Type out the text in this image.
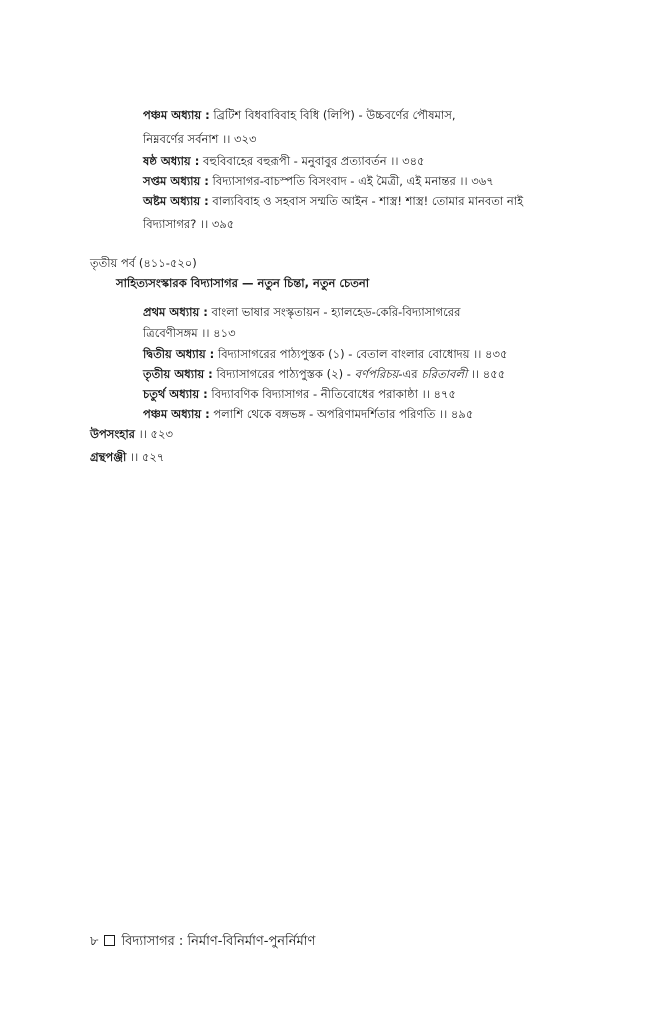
পঞ্চম অধ্যায় : ব্রিটিশ বিধবাবিবাহ বিধি (লিপি) - উচ্চবর্ণের পৌষমাস,
নিম্নবর্ণের সর্বনাশ ।। ৩২৩
ষষ্ঠ অধ্যায় : বহুবিবাহের বহুরূপী - মনুবাবুর প্রত্যাবর্তন ।। ৩৪৫
সপ্তম অধ্যায় : বিদ্যাসাগর-বাচস্পতি বিসংবাদ - এই মৈত্রী, এই মনান্তর ।। ৩৬৭
অষ্টম অধ্যায় : বাল্যবিবাহ ও সহবাস সম্মতি আইন - শাস্ত্র! শাস্ত্র! তোমার মানবতা নাই
বিদ্যাসাগর? ।। ৩৯৫
তৃতীয় পর্ব (৪১১-৫২০)
সাহিত্যসংস্কারক বিদ্যাসাগর — নতুন চিন্তা, নতুন চেতনা
প্রথম অধ্যায় : বাংলা ভাষার সংস্কৃতায়ন - হ্যালহেড-কেরি-বিদ্যাসাগরের
ত্রিবেণীসঙ্গম ।। ৪১৩
দ্বিতীয় অধ্যায় : বিদ্যাসাগরের পাঠ্যপুস্তক (১) - বেতাল বাংলার বোধোদয় ।। ৪৩৫
তৃতীয় অধ্যায় : বিদ্যাসাগরের পাঠ্যপুস্তক (২) - বর্ণপরিচয়-এর চরিতাবলী ।। ৪৫৫
চতুর্থ অধ্যায় : বিদ্যাবণিক বিদ্যাসাগর - নীতিবোধের পরাকাষ্ঠা ।। ৪৭৫
পঞ্চম অধ্যায় : পলাশি থেকে বঙ্গভঙ্গ - অপরিণামদর্শিতার পরিণতি ।। ৪৯৫
উপসংহার ।। ৫২৩
গ্রন্থপঞ্জী ।। ৫২৭
৮ বিদ্যাসাগর : নির্মাণ-বিনির্মাণ-পুনর্নির্মাণ
